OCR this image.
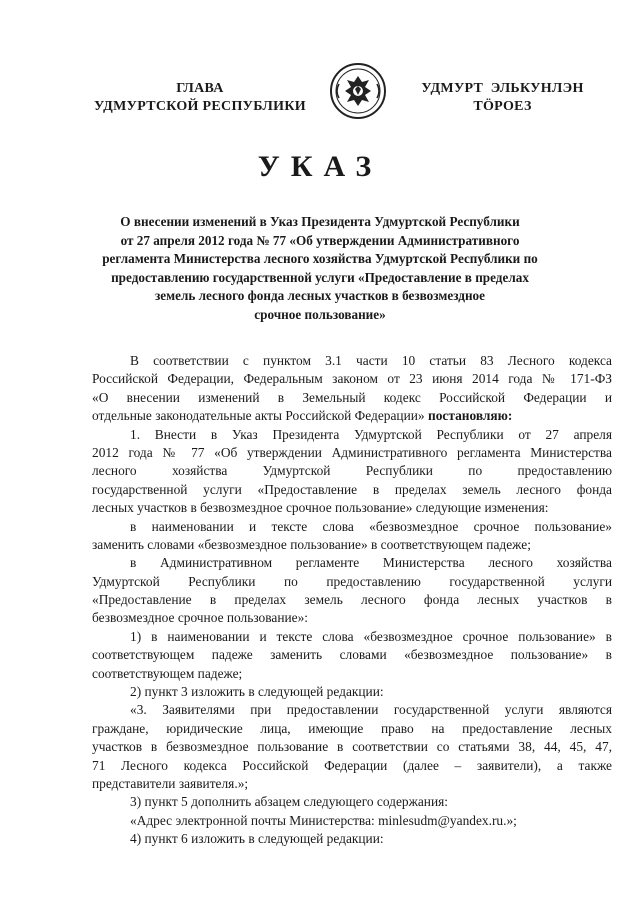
ГЛАВА
УДМУРТСКОЙ РЕСПУБЛИКИ
УДМУРТ  ЭЛЬКУНЛЭН
ТӦРОЕЗ
УКАЗ
О внесении изменений в Указ Президента Удмуртской Республики
от 27 апреля 2012 года № 77 «Об утверждении Административного
регламента Министерства лесного хозяйства Удмуртской Республики по
предоставлению государственной услуги «Предоставление в пределах
земель лесного фонда лесных участков в безвозмездное
срочное пользование»
В соответствии с пунктом 3.1 части 10 статьи 83 Лесного кодекса
Российской Федерации, Федеральным законом от 23 июня 2014 года № 171-ФЗ
«О внесении изменений в Земельный кодекс Российской Федерации и
отдельные законодательные акты Российской Федерации» постановляю:
1. Внести в Указ Президента Удмуртской Республики от 27 апреля
2012 года № 77 «Об утверждении Административного регламента Министерства
лесного хозяйства Удмуртской Республики по предоставлению
государственной услуги «Предоставление в пределах земель лесного фонда
лесных участков в безвозмездное срочное пользование» следующие изменения:
в наименовании и тексте слова «безвозмездное срочное пользование»
заменить словами «безвозмездное пользование» в соответствующем падеже;
в Административном регламенте Министерства лесного хозяйства
Удмуртской Республики по предоставлению государственной услуги
«Предоставление в пределах земель лесного фонда лесных участков в
безвозмездное срочное пользование»:
1) в наименовании и тексте слова «безвозмездное срочное пользование» в
соответствующем падеже заменить словами «безвозмездное пользование» в
соответствующем падеже;
2) пункт 3 изложить в следующей редакции:
«3. Заявителями при предоставлении государственной услуги являются
граждане, юридические лица, имеющие право на предоставление лесных
участков в безвозмездное пользование в соответствии со статьями 38, 44, 45, 47,
71 Лесного кодекса Российской Федерации (далее – заявители), а также
представители заявителя.»;
3) пункт 5 дополнить абзацем следующего содержания:
«Адрес электронной почты Министерства: minlesudm@yandex.ru.»;
4) пункт 6 изложить в следующей редакции:
